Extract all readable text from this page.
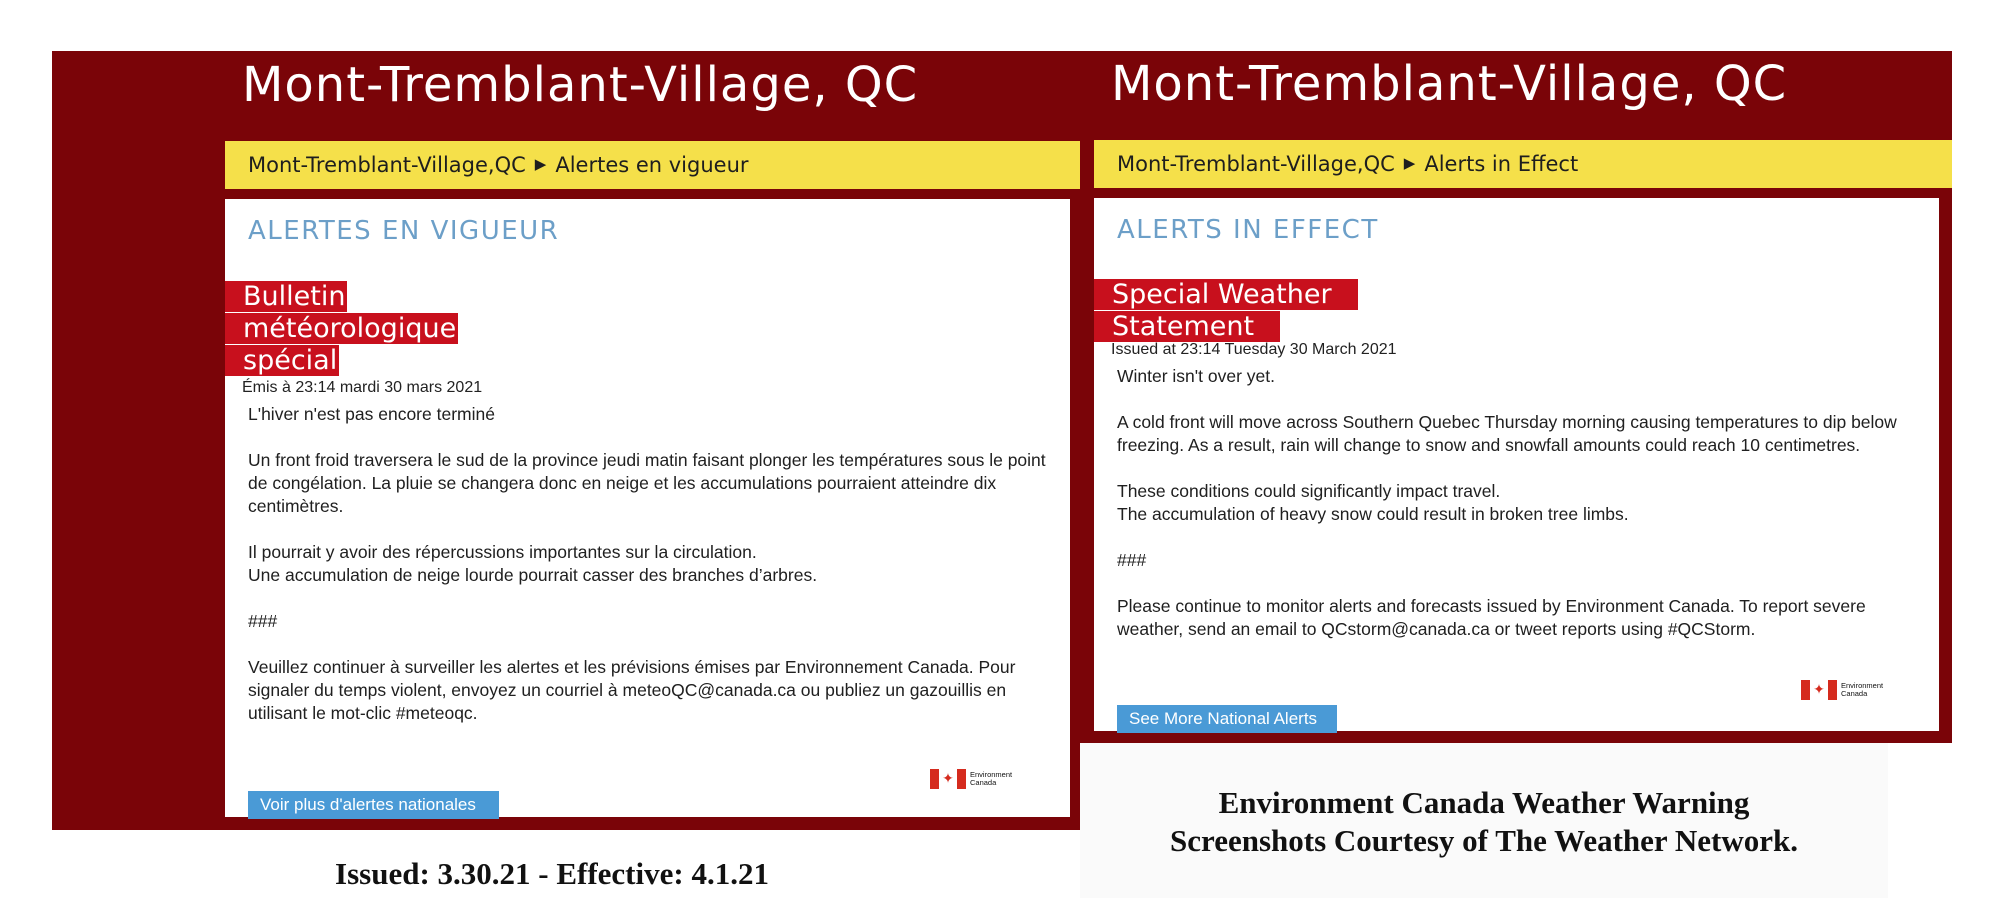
Mont-Tremblant-Village, QC
Mont-Tremblant-Village,QC ▶ Alertes en vigueur
ALERTES EN VIGUEUR
Bulletin météorologique spécial

Émis à 23:14 mardi 30 mars 2021

L'hiver n'est pas encore terminé

Un front froid traversera le sud de la province jeudi matin faisant plonger les températures sous le point de congélation. La pluie se changera donc en neige et les accumulations pourraient atteindre dix centimètres.

Il pourrait y avoir des répercussions importantes sur la circulation.

Une accumulation de neige lourde pourrait casser des branches d’arbres.

###

Veuillez continuer à surveiller les alertes et les prévisions émises par Environnement Canada. Pour signaler du temps violent, envoyez un courriel à meteoQC@canada.ca ou publiez un gazouillis en utilisant le mot-clic #meteoqc.

✦	Environment
Canada
Voir plus d'alertes nationales
Mont-Tremblant-Village, QC
Mont-Tremblant-Village,QC ▶ Alerts in Effect
ALERTS IN EFFECT
Special Weather Statement

Issued at 23:14 Tuesday 30 March 2021

Winter isn't over yet.

A cold front will move across Southern Quebec Thursday morning causing temperatures to dip below freezing. As a result, rain will change to snow and snowfall amounts could reach 10 centimetres.

These conditions could significantly impact travel.

The accumulation of heavy snow could result in broken tree limbs.

###

Please continue to monitor alerts and forecasts issued by Environment Canada. To report severe weather, send an email to QCstorm@canada.ca or tweet reports using #QCStorm.

✦	Environment
Canada
See More National Alerts

Issued: 3.30.21 - Effective: 4.1.21

Environment Canada Weather Warning

Screenshots Courtesy of The Weather Network.
